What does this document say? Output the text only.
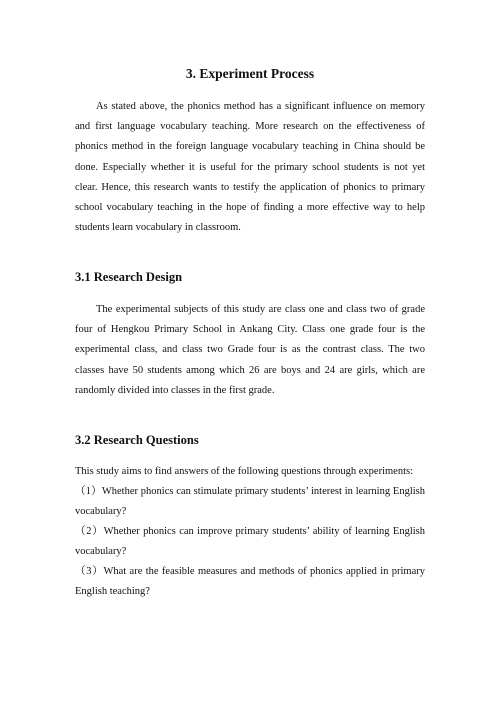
3. Experiment Process

As stated above, the phonics method has a significant influence on memory and first language vocabulary teaching. More research on the effectiveness of phonics method in the foreign language vocabulary teaching in China should be done. Especially whether it is useful for the primary school students is not yet clear. Hence, this research wants to testify the application of phonics to primary school vocabulary teaching in the hope of finding a more effective way to help students learn vocabulary in classroom.

3.1 Research Design

The experimental subjects of this study are class one and class two of grade four of Hengkou Primary School in Ankang City. Class one grade four is the experimental class, and class two Grade four is as the contrast class. The two classes have 50 students among which 26 are boys and 24 are girls, which are randomly divided into classes in the first grade.

3.2 Research Questions

This study aims to find answers of the following questions through experiments:

（1）Whether phonics can stimulate primary students’ interest in learning English vocabulary?

（2）Whether phonics can improve primary students’ ability of learning English vocabulary?

（3）What are the feasible measures and methods of phonics applied in primary English teaching?
